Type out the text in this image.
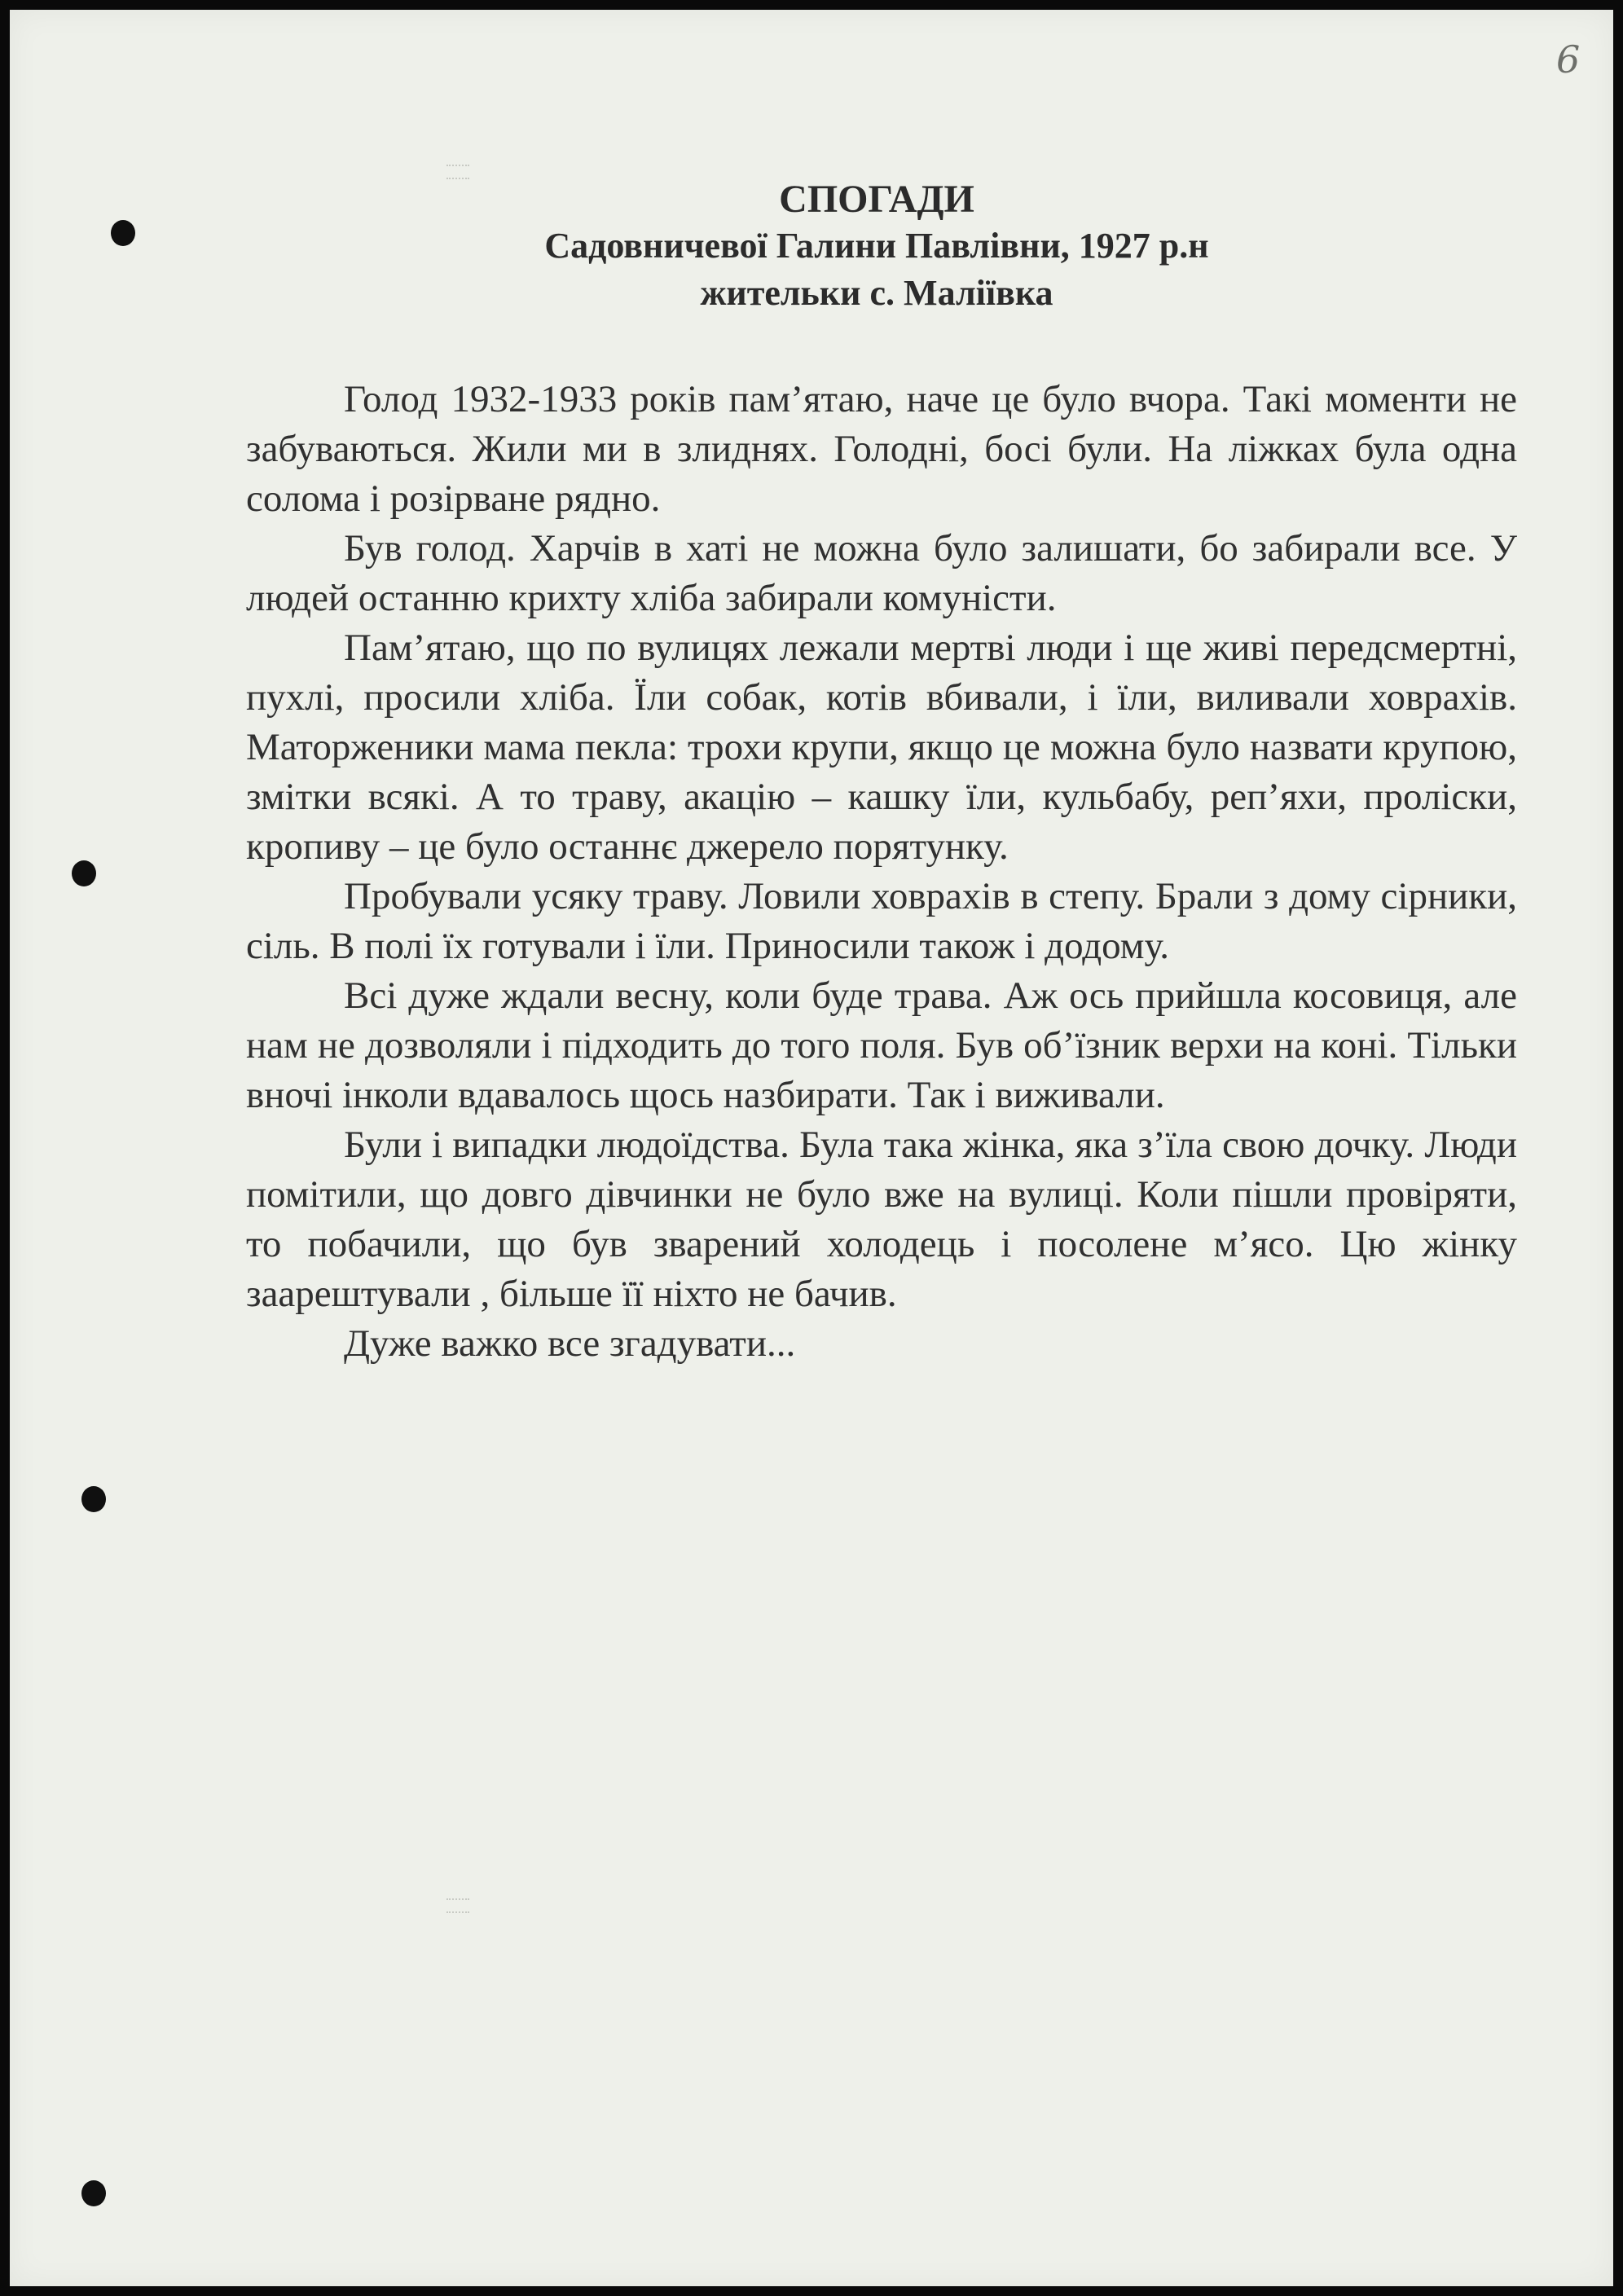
6
СПОГАДИ
Садовничевої Галини Павлівни, 1927 р.н
жительки с. Маліївка

Голод 1932-1933 років пам’ятаю, наче це було вчора. Такі моменти не забуваються. Жили ми в злиднях. Голодні, босі були. На ліжках була одна солома і розірване рядно.

Був голод. Харчів в хаті не можна було залишати, бо забирали все. У людей останню крихту хліба забирали комуністи.

Пам’ятаю, що по вулицях лежали мертві люди і ще живі передсмертні, пухлі, просили хліба. Їли собак, котів вбивали, і їли, виливали ховрахів. Маторженики мама пекла: трохи крупи, якщо це можна було назвати крупою, змітки всякі. А то траву, акацію – кашку їли, кульбабу, реп’яхи, проліски, кропиву – це було останнє джерело порятунку.

Пробували усяку траву. Ловили ховрахів в степу. Брали з дому сірники, сіль. В полі їх готували і їли. Приносили також і додому.

Всі дуже ждали весну, коли буде трава. Аж ось прийшла косовиця, але нам не дозволяли і підходить до того поля. Був об’їзник верхи на коні. Тільки вночі інколи вдавалось щось назбирати. Так і виживали.

Були і випадки людоїдства. Була така жінка, яка з’їла свою дочку. Люди помітили, що довго дівчинки не було вже на вулиці. Коли пішли провіряти, то побачили, що був зварений холодець і посолене м’ясо. Цю жінку заарештували , більше її ніхто не бачив.

Дуже важко все згадувати...
